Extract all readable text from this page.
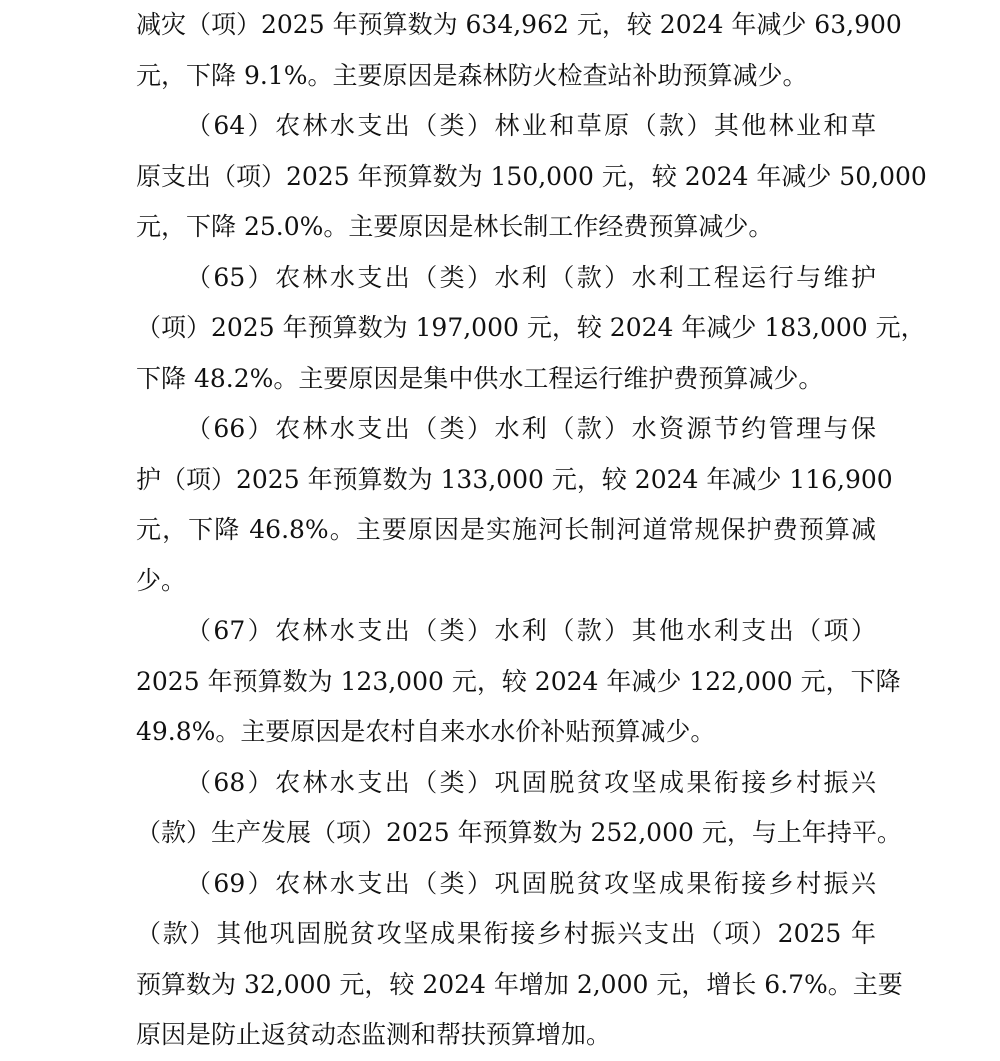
减灾（项）2025 年预算数为 634,962 元，较 2024 年减少 63,900
元，下降 9.1%。主要原因是森林防火检查站补助预算减少。
（64）农林水支出（类）林业和草原（款）其他林业和草
原支出（项）2025 年预算数为 150,000 元，较 2024 年减少 50,000
元，下降 25.0%。主要原因是林长制工作经费预算减少。
（65）农林水支出（类）水利（款）水利工程运行与维护
（项）2025 年预算数为 197,000 元，较 2024 年减少 183,000 元，
下降 48.2%。主要原因是集中供水工程运行维护费预算减少。
（66）农林水支出（类）水利（款）水资源节约管理与保
护（项）2025 年预算数为 133,000 元，较 2024 年减少 116,900
元，下降 46.8%。主要原因是实施河长制河道常规保护费预算减
少。
（67）农林水支出（类）水利（款）其他水利支出（项）
2025 年预算数为 123,000 元，较 2024 年减少 122,000 元，下降
49.8%。主要原因是农村自来水水价补贴预算减少。
（68）农林水支出（类）巩固脱贫攻坚成果衔接乡村振兴
（款）生产发展（项）2025 年预算数为 252,000 元，与上年持平。
（69）农林水支出（类）巩固脱贫攻坚成果衔接乡村振兴
（款）其他巩固脱贫攻坚成果衔接乡村振兴支出（项）2025 年
预算数为 32,000 元，较 2024 年增加 2,000 元，增长 6.7%。主要
原因是防止返贫动态监测和帮扶预算增加。
